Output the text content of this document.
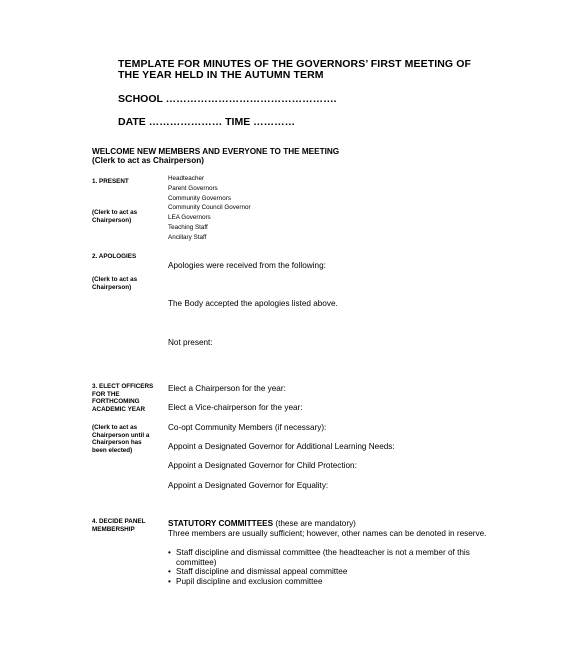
TEMPLATE FOR MINUTES OF THE GOVERNORS’ FIRST MEETING OF
THE YEAR HELD IN THE AUTUMN TERM
SCHOOL ………………………………………….
DATE ………………… TIME …………
WELCOME NEW MEMBERS AND EVERYONE TO THE MEETING
(Clerk to act as Chairperson)
1. PRESENT
(Clerk to act as
Chairperson)
Headteacher
Parent Governors
Community Governors
Community Council Governor
LEA Governors
Teaching Staff
Ancillary Staff
2. APOLOGIES
(Clerk to act as
Chairperson)
Apologies were received from the following:
The Body accepted the apologies listed above.
Not present:
3. ELECT OFFICERS
FOR THE
FORTHCOMING
ACADEMIC YEAR
(Clerk to act as
Chairperson until a
Chairperson has
been elected)
Elect a Chairperson for the year:
Elect a Vice-chairperson for the year:
Co-opt Community Members (if necessary):
Appoint a Designated Governor for Additional Learning Needs:
Appoint a Designated Governor for Child Protection:
Appoint a Designated Governor for Equality:
4. DECIDE PANEL
MEMBERSHIP
STATUTORY COMMITTEES (these are mandatory)
Three members are usually sufficient; however, other names can be denoted in reserve.
• Staff discipline and dismissal committee (the headteacher is not a member of this committee)
• Staff discipline and dismissal appeal committee
• Pupil discipline and exclusion committee
